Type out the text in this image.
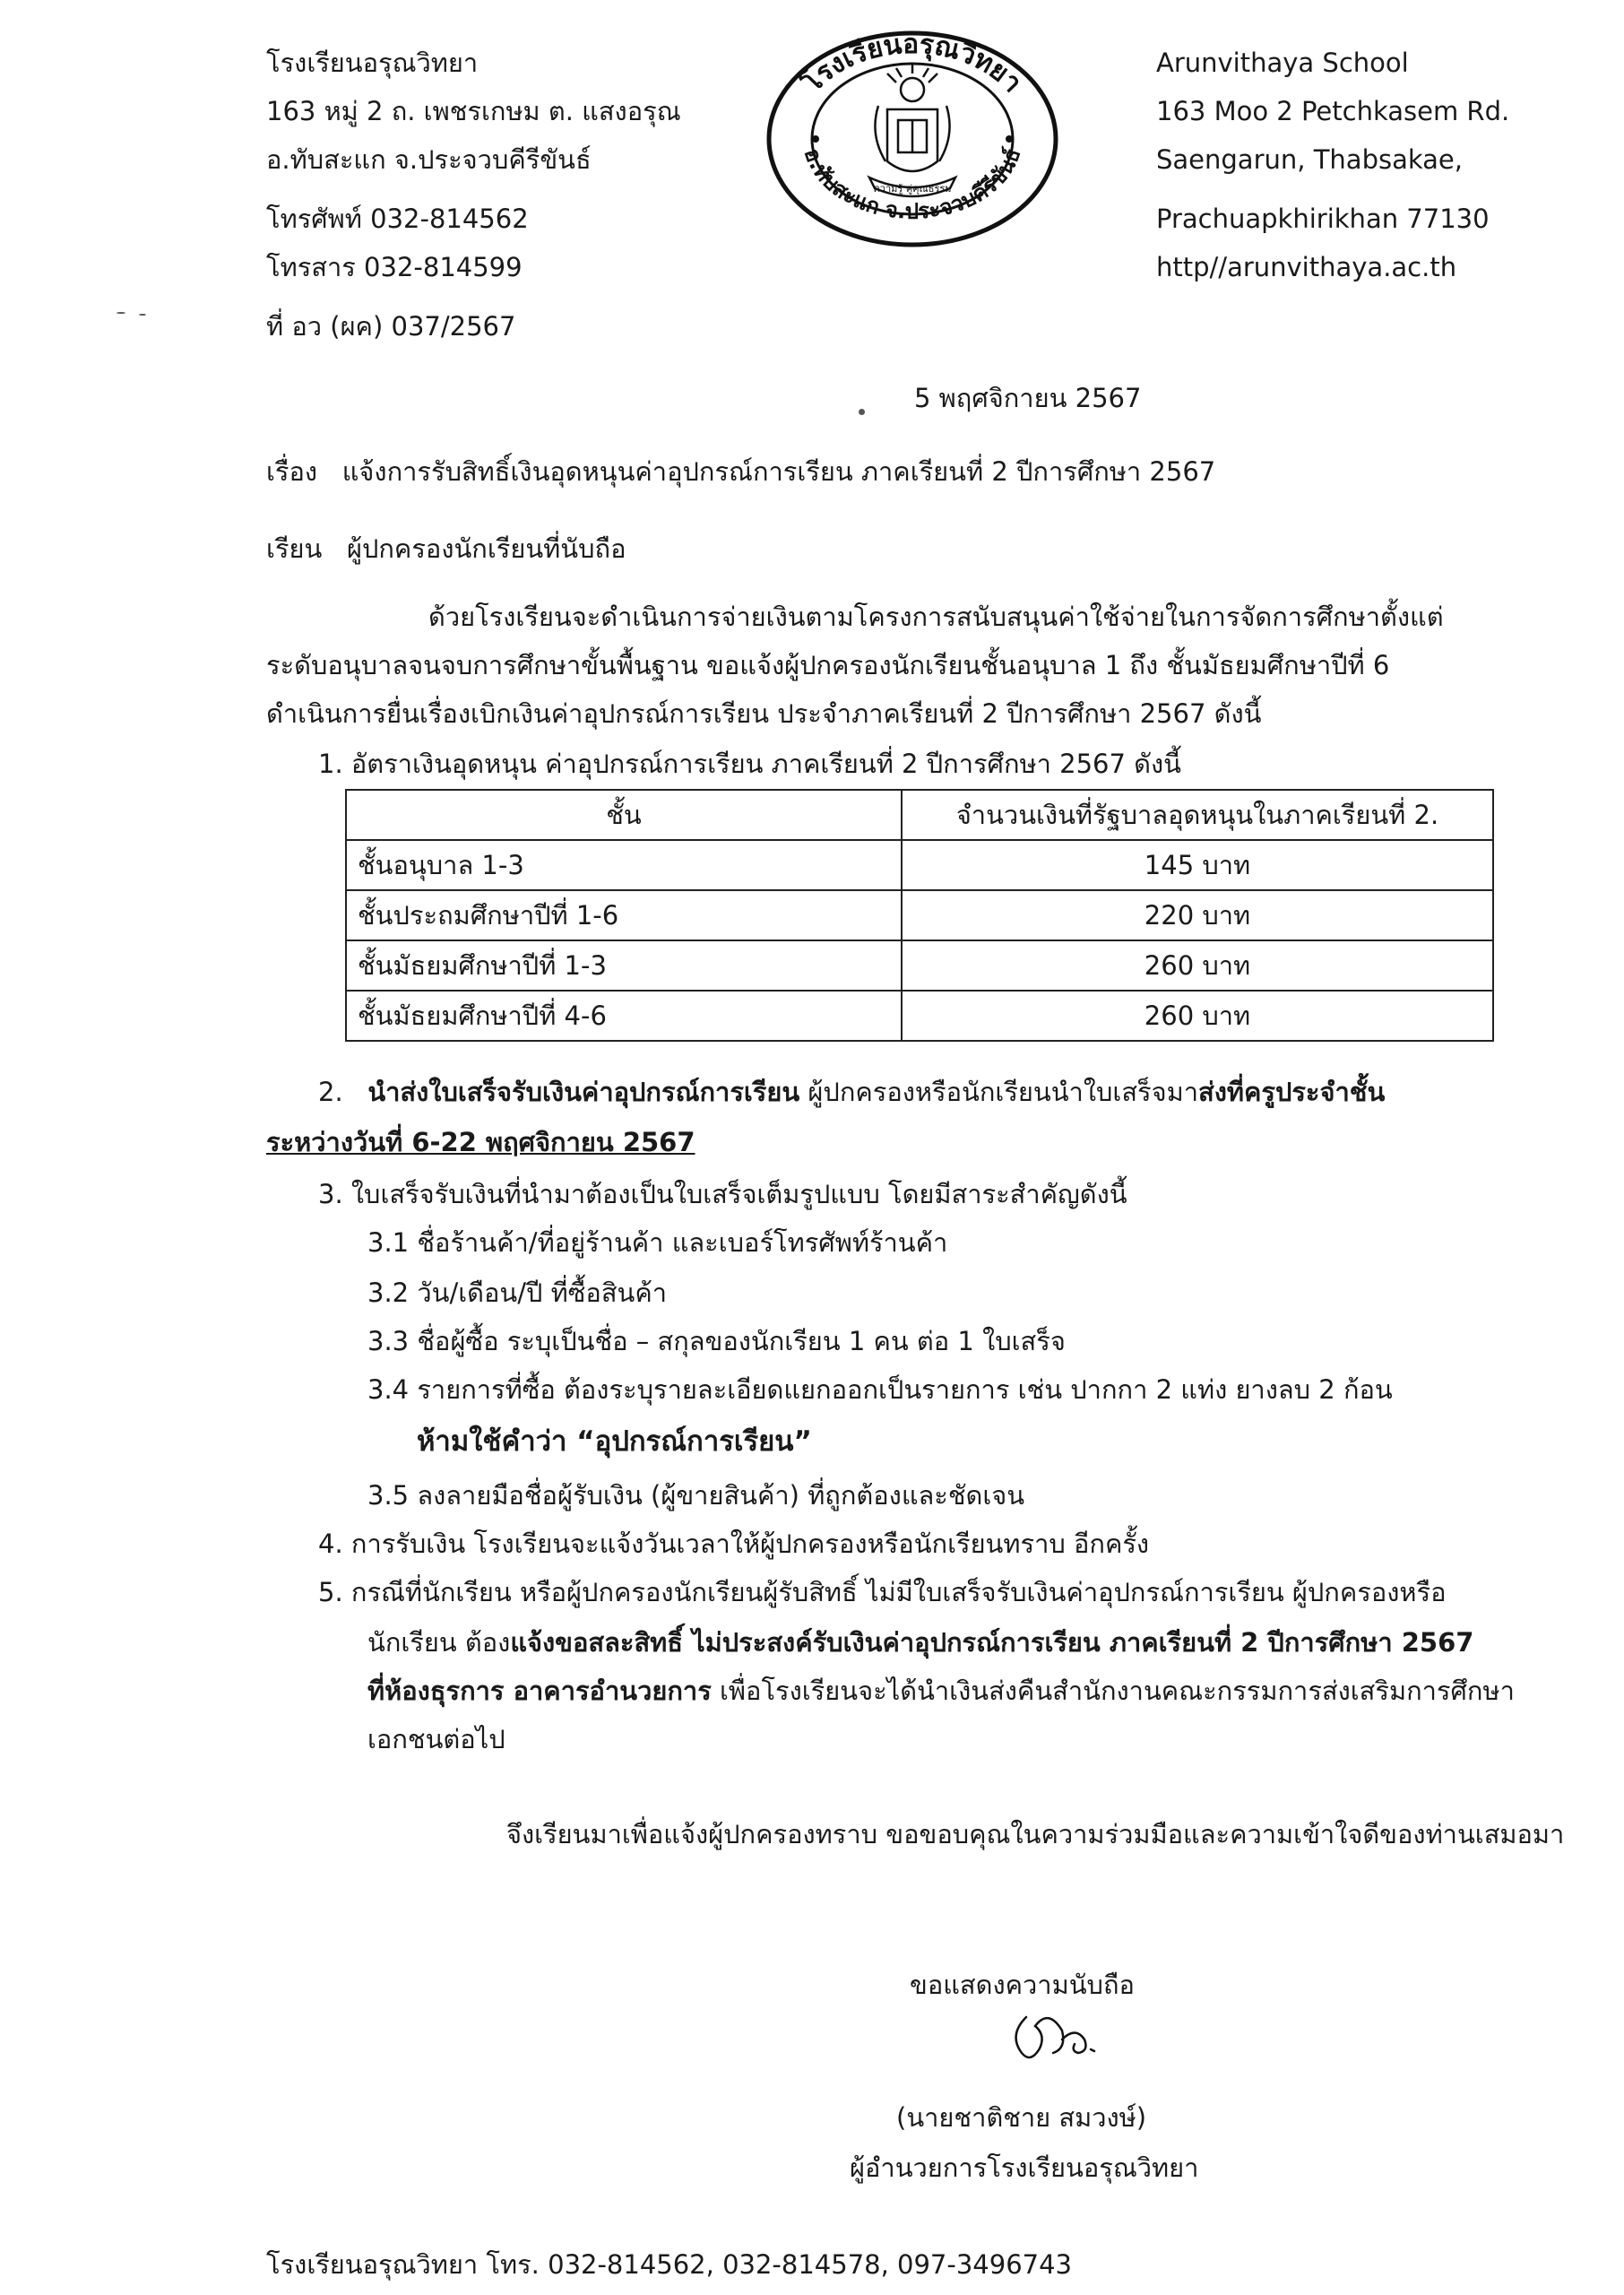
โรงเรียนอรุณวิทยา
163 หมู่ 2 ถ. เพชรเกษม ต. แสงอรุณ
อ.ทับสะแก จ.ประจวบคีรีขันธ์
โทรศัพท์ 032-814562
โทรสาร 032-814599
โรงเรียนอรุณวิทยา
อ.ทับสะแก จ.ประจวบคีรีขันธ์
ความรู้ คู่คุณธรรม
Arunvithaya School
163 Moo 2 Petchkasem Rd.
Saengarun, Thabsakae,
Prachuapkhirikhan 77130
http//arunvithaya.ac.th
ที่ อว (ผค) 037/2567
5 พฤศจิกายน 2567
เรื่อง แจ้งการรับสิทธิ์เงินอุดหนุนค่าอุปกรณ์การเรียน ภาคเรียนที่ 2 ปีการศึกษา 2567
เรียน ผู้ปกครองนักเรียนที่นับถือ
ด้วยโรงเรียนจะดำเนินการจ่ายเงินตามโครงการสนับสนุนค่าใช้จ่ายในการจัดการศึกษาตั้งแต่
ระดับอนุบาลจนจบการศึกษาขั้นพื้นฐาน ขอแจ้งผู้ปกครองนักเรียนชั้นอนุบาล 1 ถึง ชั้นมัธยมศึกษาปีที่ 6
ดำเนินการยื่นเรื่องเบิกเงินค่าอุปกรณ์การเรียน ประจำภาคเรียนที่ 2 ปีการศึกษา 2567 ดังนี้
1. อัตราเงินอุดหนุน ค่าอุปกรณ์การเรียน ภาคเรียนที่ 2 ปีการศึกษา 2567 ดังนี้
ชั้น	จำนวนเงินที่รัฐบาลอุดหนุนในภาคเรียนที่ 2.
ชั้นอนุบาล 1-3	145 บาท
ชั้นประถมศึกษาปีที่ 1-6	220 บาท
ชั้นมัธยมศึกษาปีที่ 1-3	260 บาท
ชั้นมัธยมศึกษาปีที่ 4-6	260 บาท
2. นำส่งใบเสร็จรับเงินค่าอุปกรณ์การเรียน ผู้ปกครองหรือนักเรียนนำใบเสร็จมาส่งที่ครูประจำชั้น
ระหว่างวันที่ 6-22 พฤศจิกายน 2567
3. ใบเสร็จรับเงินที่นำมาต้องเป็นใบเสร็จเต็มรูปแบบ โดยมีสาระสำคัญดังนี้
3.1 ชื่อร้านค้า/ที่อยู่ร้านค้า และเบอร์โทรศัพท์ร้านค้า
3.2 วัน/เดือน/ปี ที่ซื้อสินค้า
3.3 ชื่อผู้ซื้อ ระบุเป็นชื่อ – สกุลของนักเรียน 1 คน ต่อ 1 ใบเสร็จ
3.4 รายการที่ซื้อ ต้องระบุรายละเอียดแยกออกเป็นรายการ เช่น ปากกา 2 แท่ง ยางลบ 2 ก้อน
ห้ามใช้คำว่า “อุปกรณ์การเรียน”
3.5 ลงลายมือชื่อผู้รับเงิน (ผู้ขายสินค้า) ที่ถูกต้องและชัดเจน
4. การรับเงิน โรงเรียนจะแจ้งวันเวลาให้ผู้ปกครองหรือนักเรียนทราบ อีกครั้ง
5. กรณีที่นักเรียน หรือผู้ปกครองนักเรียนผู้รับสิทธิ์ ไม่มีใบเสร็จรับเงินค่าอุปกรณ์การเรียน ผู้ปกครองหรือ
นักเรียน ต้องแจ้งขอสละสิทธิ์ ไม่ประสงค์รับเงินค่าอุปกรณ์การเรียน ภาคเรียนที่ 2 ปีการศึกษา 2567
ที่ห้องธุรการ อาคารอำนวยการ เพื่อโรงเรียนจะได้นำเงินส่งคืนสำนักงานคณะกรรมการส่งเสริมการศึกษา
เอกชนต่อไป
จึงเรียนมาเพื่อแจ้งผู้ปกครองทราบ ขอขอบคุณในความร่วมมือและความเข้าใจดีของท่านเสมอมา
ขอแสดงความนับถือ
(นายชาติชาย สมวงษ์)
ผู้อำนวยการโรงเรียนอรุณวิทยา
โรงเรียนอรุณวิทยา โทร. 032-814562, 032-814578, 097-3496743
